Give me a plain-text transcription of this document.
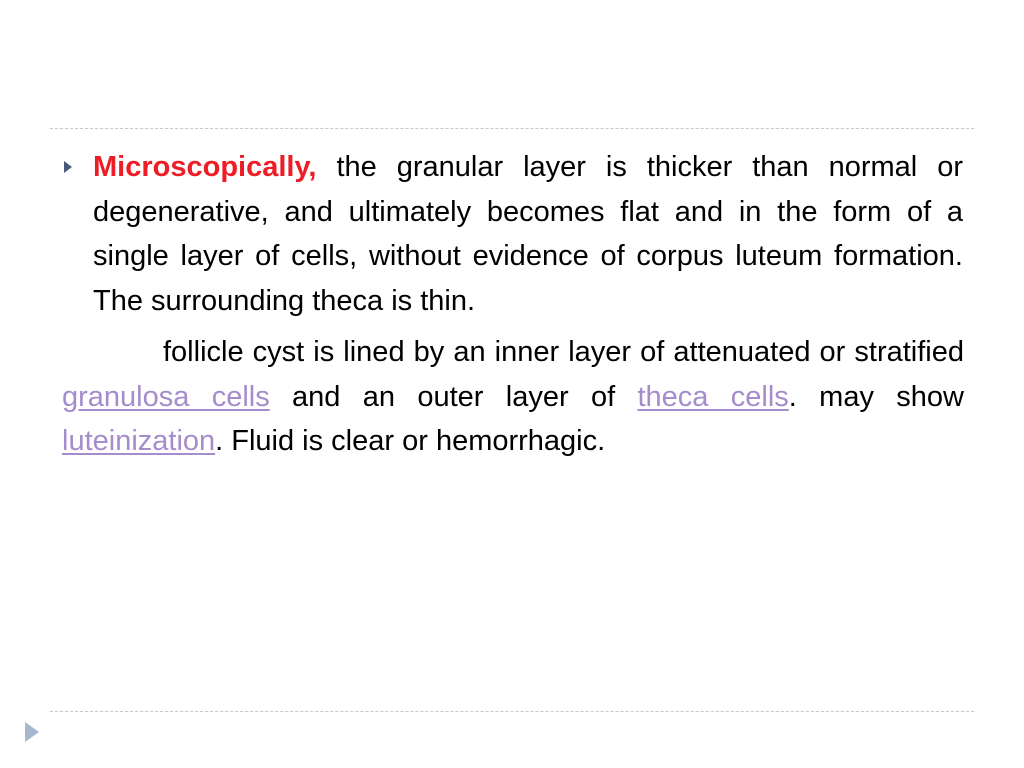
Microscopically, the granular layer is thicker than normal or degenerative, and ultimately becomes flat and in the form of a single layer of cells, without evidence of corpus luteum formation. The surrounding theca is thin.

follicle cyst is lined by an inner layer of attenuated or stratified granulosa cells and an outer layer of theca cells. may show luteinization. Fluid is clear or hemorrhagic.
